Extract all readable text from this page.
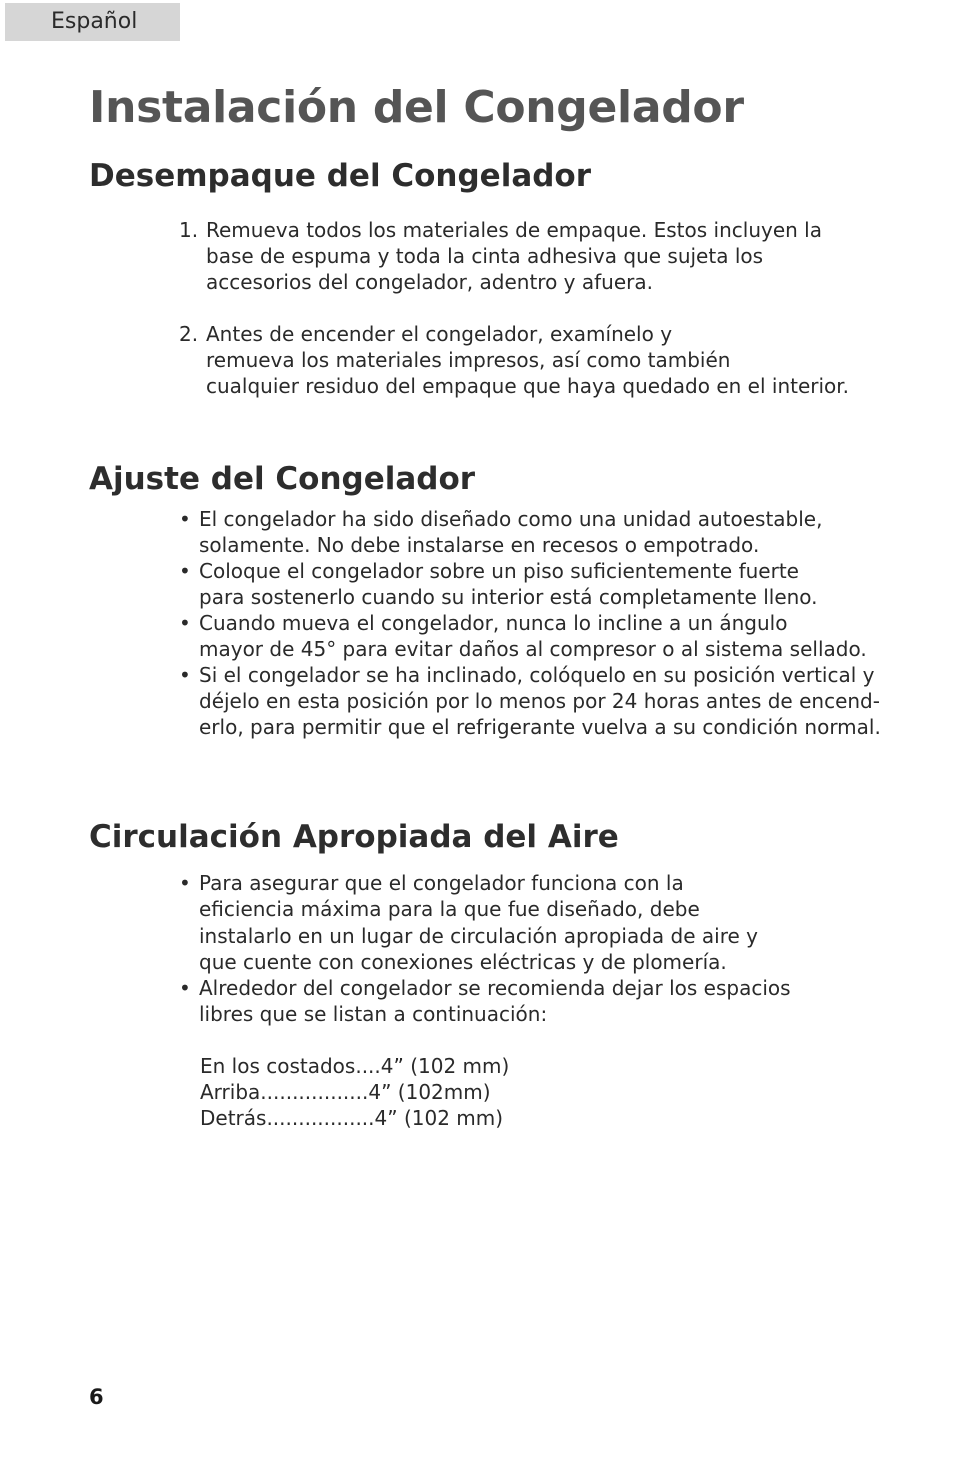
Español
Instalación del Congelador
Desempaque del Congelador
1. Remueva todos los materiales de empaque. Estos incluyen la
base de espuma y toda la cinta adhesiva que sujeta los
accesorios del congelador, adentro y afuera.
2. Antes de encender el congelador, examínelo y
remueva los materiales impresos, así como también
cualquier residuo del empaque que haya quedado en el interior.
Ajuste del Congelador
• El congelador ha sido diseñado como una unidad autoestable,
solamente. No debe instalarse en recesos o empotrado.
• Coloque el congelador sobre un piso suficientemente fuerte
para sostenerlo cuando su interior está completamente lleno.
• Cuando mueva el congelador, nunca lo incline a un ángulo
mayor de 45° para evitar daños al compresor o al sistema sellado.
• Si el congelador se ha inclinado, colóquelo en su posición vertical y
déjelo en esta posición por lo menos por 24 horas antes de encend-
erlo, para permitir que el refrigerante vuelva a su condición normal.
Circulación Apropiada del Aire
• Para asegurar que el congelador funciona con la
eficiencia máxima para la que fue diseñado, debe
instalarlo en un lugar de circulación apropiada de aire y
que cuente con conexiones eléctricas y de plomería.
• Alrededor del congelador se recomienda dejar los espacios
libres que se listan a continuación:
En los costados....4” (102 mm)
Arriba.................4” (102mm)
Detrás.................4” (102 mm)
6
